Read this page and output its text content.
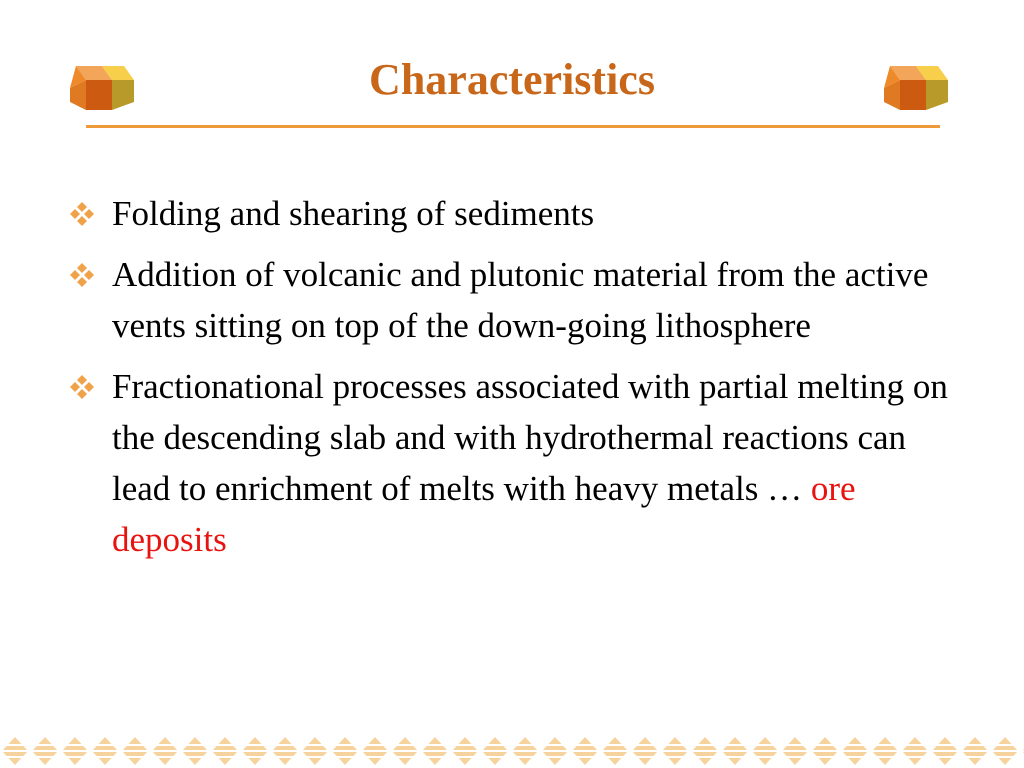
Characteristics
Folding and shearing of sediments
Addition of volcanic and plutonic material from the active vents sitting on top of the down-going lithosphere
Fractionational processes associated with partial melting on the descending slab and with hydrothermal reactions can lead to enrichment of melts with heavy metals … ore deposits
